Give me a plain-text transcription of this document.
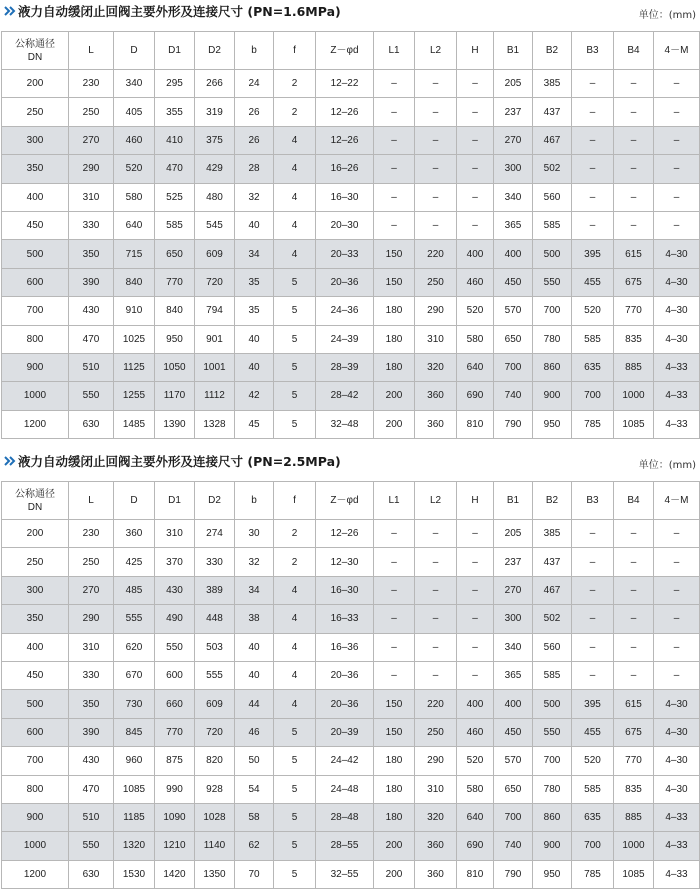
液力自动缓闭止回阀主要外形及连接尺寸 (PN=1.6MPa)	单位：(mm)
公称通径
DN	L	D	D1	D2	b	f	Z－φd	L1	L2	H	B1	B2	B3	B4	4－M
200	230	340	295	266	24	2	12–22	–	–	–	205	385	–	–	–
250	250	405	355	319	26	2	12–26	–	–	–	237	437	–	–	–
300	270	460	410	375	26	4	12–26	–	–	–	270	467	–	–	–
350	290	520	470	429	28	4	16–26	–	–	–	300	502	–	–	–
400	310	580	525	480	32	4	16–30	–	–	–	340	560	–	–	–
450	330	640	585	545	40	4	20–30	–	–	–	365	585	–	–	–
500	350	715	650	609	34	4	20–33	150	220	400	400	500	395	615	4–30
600	390	840	770	720	35	5	20–36	150	250	460	450	550	455	675	4–30
700	430	910	840	794	35	5	24–36	180	290	520	570	700	520	770	4–30
800	470	1025	950	901	40	5	24–39	180	310	580	650	780	585	835	4–30
900	510	1125	1050	1001	40	5	28–39	180	320	640	700	860	635	885	4–33
1000	550	1255	1170	1112	42	5	28–42	200	360	690	740	900	700	1000	4–33
1200	630	1485	1390	1328	45	5	32–48	200	360	810	790	950	785	1085	4–33
液力自动缓闭止回阀主要外形及连接尺寸 (PN=2.5MPa)	单位：(mm)
公称通径
DN	L	D	D1	D2	b	f	Z－φd	L1	L2	H	B1	B2	B3	B4	4－M
200	230	360	310	274	30	2	12–26	–	–	–	205	385	–	–	–
250	250	425	370	330	32	2	12–30	–	–	–	237	437	–	–	–
300	270	485	430	389	34	4	16–30	–	–	–	270	467	–	–	–
350	290	555	490	448	38	4	16–33	–	–	–	300	502	–	–	–
400	310	620	550	503	40	4	16–36	–	–	–	340	560	–	–	–
450	330	670	600	555	40	4	20–36	–	–	–	365	585	–	–	–
500	350	730	660	609	44	4	20–36	150	220	400	400	500	395	615	4–30
600	390	845	770	720	46	5	20–39	150	250	460	450	550	455	675	4–30
700	430	960	875	820	50	5	24–42	180	290	520	570	700	520	770	4–30
800	470	1085	990	928	54	5	24–48	180	310	580	650	780	585	835	4–30
900	510	1185	1090	1028	58	5	28–48	180	320	640	700	860	635	885	4–33
1000	550	1320	1210	1140	62	5	28–55	200	360	690	740	900	700	1000	4–33
1200	630	1530	1420	1350	70	5	32–55	200	360	810	790	950	785	1085	4–33
